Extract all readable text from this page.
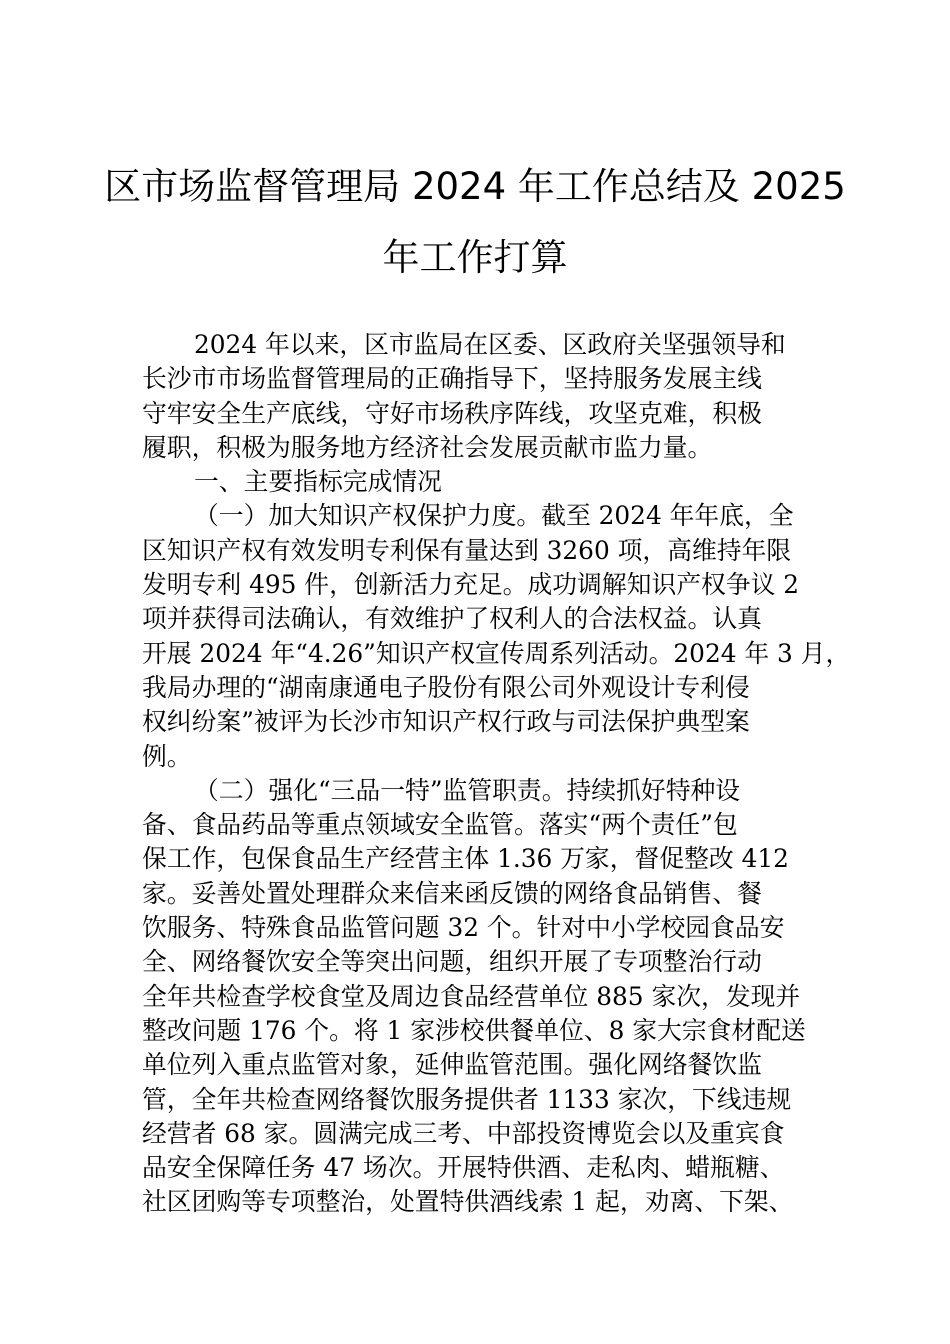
区市场监督管理局 2024 年工作总结及 2025
年工作打算
2024 年以来，区市监局在区委、区政府关坚强领导和
长沙市市场监督管理局的正确指导下，坚持服务发展主线
守牢安全生产底线，守好市场秩序阵线，攻坚克难，积极
履职，积极为服务地方经济社会发展贡献市监力量。
一、主要指标完成情况
（一）加大知识产权保护力度。截至 2024 年年底，全
区知识产权有效发明专利保有量达到 3260 项，高维持年限
发明专利 495 件，创新活力充足。成功调解知识产权争议 2
项并获得司法确认，有效维护了权利人的合法权益。认真
开展 2024 年“4.26”知识产权宣传周系列活动。2024 年 3 月，
我局办理的“湖南康通电子股份有限公司外观设计专利侵
权纠纷案”被评为长沙市知识产权行政与司法保护典型案
例。
（二）强化“三品一特”监管职责。持续抓好特种设
备、食品药品等重点领域安全监管。落实“两个责任”包
保工作，包保食品生产经营主体 1.36 万家，督促整改 412
家。妥善处置处理群众来信来函反馈的网络食品销售、餐
饮服务、特殊食品监管问题 32 个。针对中小学校园食品安
全、网络餐饮安全等突出问题，组织开展了专项整治行动
全年共检查学校食堂及周边食品经营单位 885 家次，发现并
整改问题 176 个。将 1 家涉校供餐单位、8 家大宗食材配送
单位列入重点监管对象，延伸监管范围。强化网络餐饮监
管，全年共检查网络餐饮服务提供者 1133 家次，下线违规
经营者 68 家。圆满完成三考、中部投资博览会以及重宾食
品安全保障任务 47 场次。开展特供酒、走私肉、蜡瓶糖、
社区团购等专项整治，处置特供酒线索 1 起，劝离、下架、
